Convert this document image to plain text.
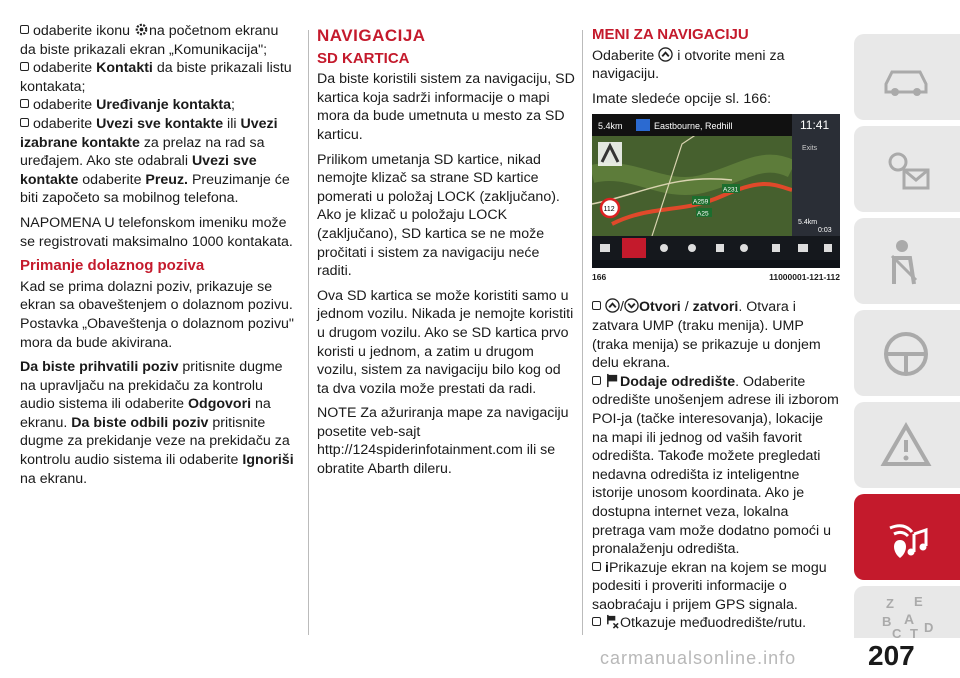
odaberite ikonu na početnom ekranu da biste prikazali ekran „Komunikacija";

odaberite Kontakti da biste prikazali listu kontakata;

odaberite Uređivanje kontakta;

odaberite Uvezi sve kontakte ili Uvezi izabrane kontakte za prelaz na rad sa uređajem. Ako ste odabrali Uvezi sve kontakte odaberite Preuz. Preuzimanje će biti započeto sa mobilnog telefona.

NAPOMENA U telefonskom imeniku može se registrovati maksimalno 1000 kontakata.

Primanje dolaznog poziva

Kad se prima dolazni poziv, prikazuje se ekran sa obaveštenjem o dolaznom pozivu. Postavka „Obaveštenja o dolaznom pozivu" mora da bude akivirana.

Da biste prihvatili poziv pritisnite dugme na upravljaču na prekidaču za kontrolu audio sistema ili odaberite Odgovori na ekranu. Da biste odbili poziv pritisnite dugme za prekidanje veze na prekidaču za kontrolu audio sistema ili odaberite Ignoriši na ekranu.

NAVIGACIJA
SD KARTICA

Da biste koristili sistem za navigaciju, SD kartica koja sadrži informacije o mapi mora da bude umetnuta u mesto za SD karticu.

Prilikom umetanja SD kartice, nikad nemojte klizač sa strane SD kartice pomerati u položaj LOCK (zaključano). Ako je klizač u položaju LOCK (zaključano), SD kartica se ne može pročitati i sistem za navigaciju neće raditi.

Ova SD kartica se može koristiti samo u jednom vozilu. Nikada je nemojte koristiti u drugom vozilu. Ako se SD kartica prvo koristi u jednom, a zatim u drugom vozilu, sistem za navigaciju bilo kog od ta dva vozila može prestati da radi.

NOTE Za ažuriranja mape za navigaciju posetite veb-sajt http://124spiderinfotainment.com ili se obratite Abarth dileru.

MENI ZA NAVIGACIJU

Odaberite i otvorite meni za navigaciju.

Imate sledeće opcije sl. 166:

5.4km	Eastbourne, Redhill	11:41
Exits
112
A231
A25
A259
5.4km
0:03
166	11000001-121-112

/ Otvori / zatvori. Otvara i zatvara UMP (traku menija). UMP (traka menija) se prikazuje u donjem delu ekrana.

Dodaje odredište. Odaberite odredište unošenjem adrese ili izborom POI-ja (tačke interesovanja), lokacije na mapi ili jednog od vaših favorit odredišta. Takođe možete pregledati nedavna odredišta iz inteligentne istorije unosom koordinata. Ako je dostupna internet veza, lokalna pretraga vam može dodatno pomoći u pronalaženju odredišta.

iPrikazuje ekran na kojem se mogu podesiti i proveriti informacije o saobraćaju i prijem GPS signala.

Otkazuje međuodredište/rutu.

Z E
B A
C T D
carmanualsonline.info	207
